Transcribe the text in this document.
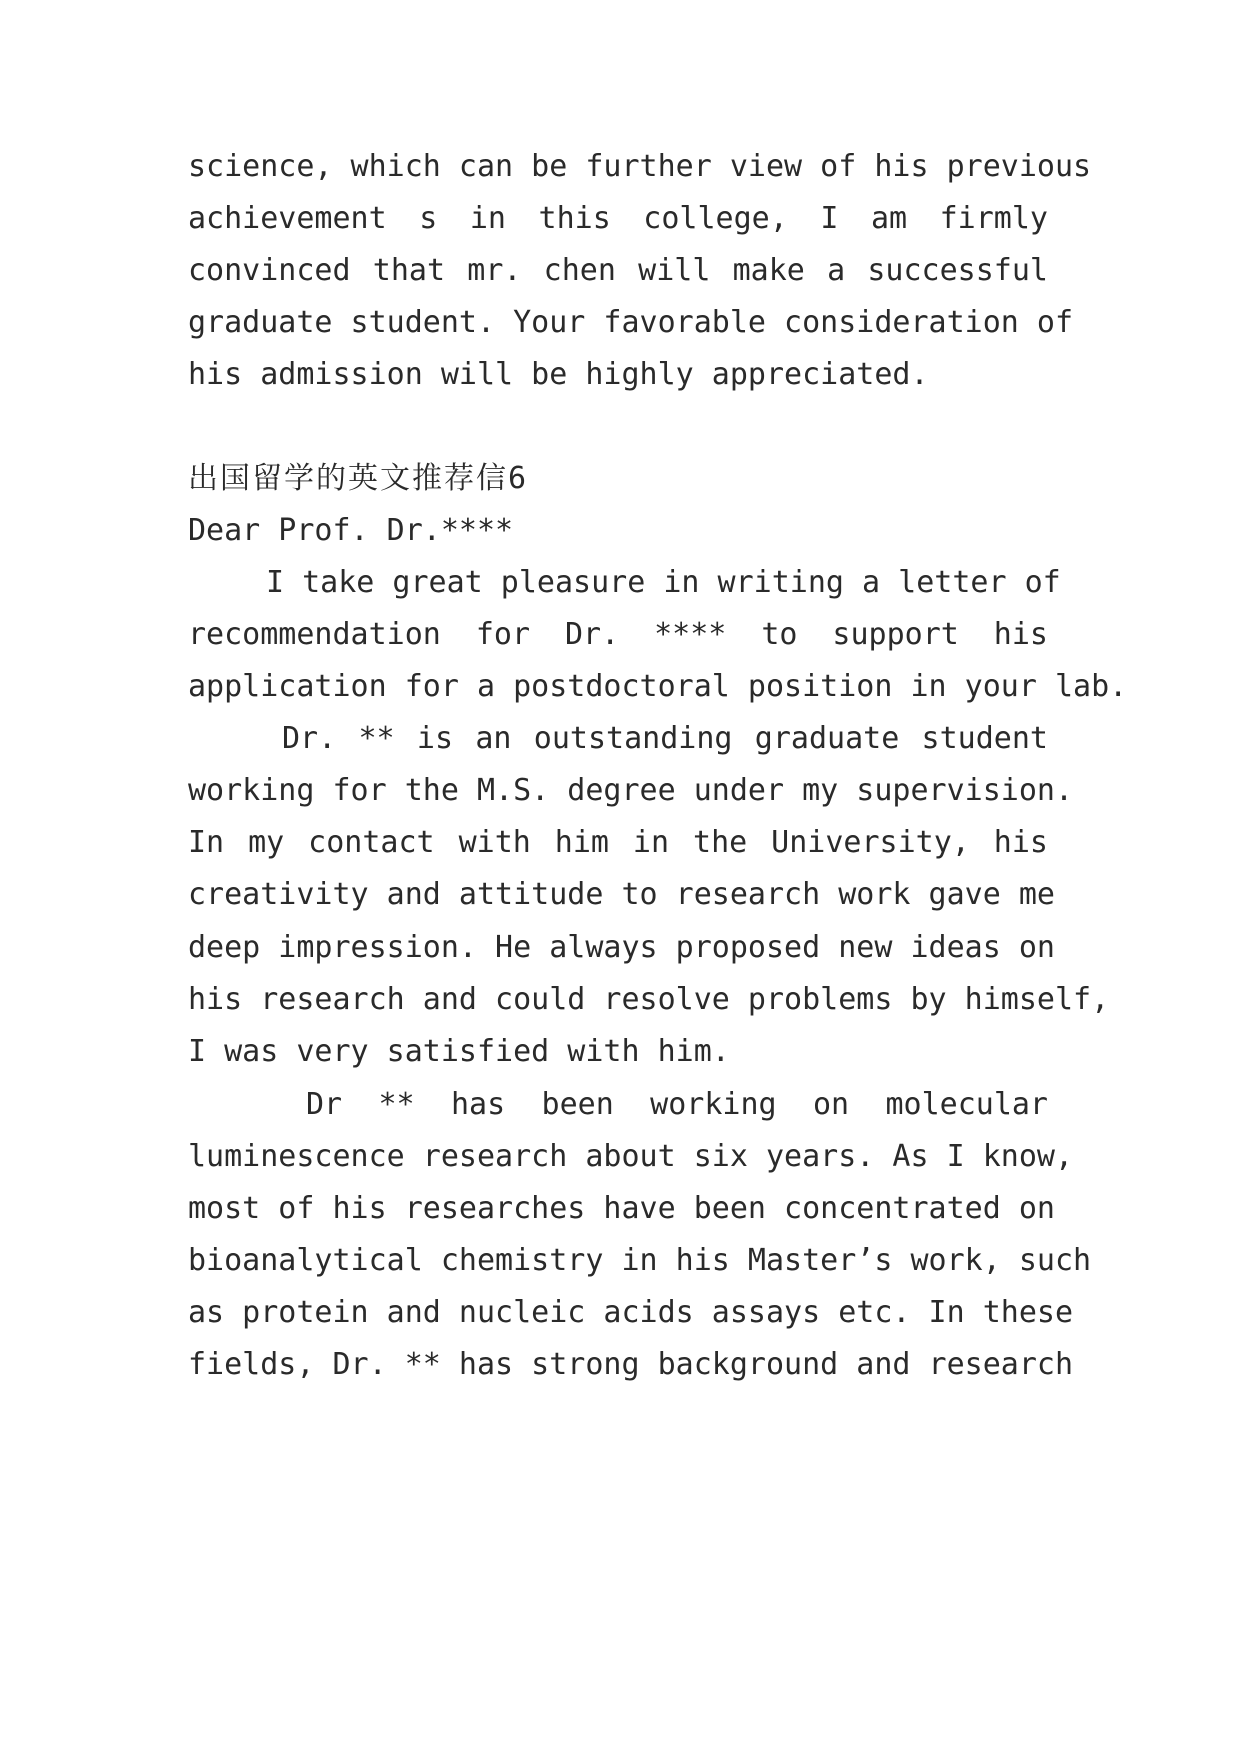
science, which can be further view of his previous
achievement s in this college, I am firmly
convinced that mr. chen will make a successful
graduate student. Your favorable consideration of
his admission will be highly appreciated.
出国留学的英文推荐信6
Dear Prof. Dr.****
I take great pleasure in writing a letter of
recommendation for Dr. **** to support his
application for a postdoctoral position in your lab.
Dr. ** is an outstanding graduate student
working for the M.S. degree under my supervision.
In my contact with him in the University, his
creativity and attitude to research work gave me
deep impression. He always proposed new ideas on
his research and could resolve problems by himself,
I was very satisfied with him.
Dr ** has been working on molecular
luminescence research about six years. As I know,
most of his researches have been concentrated on
bioanalytical chemistry in his Master’s work, such
as protein and nucleic acids assays etc. In these
fields, Dr. ** has strong background and research
